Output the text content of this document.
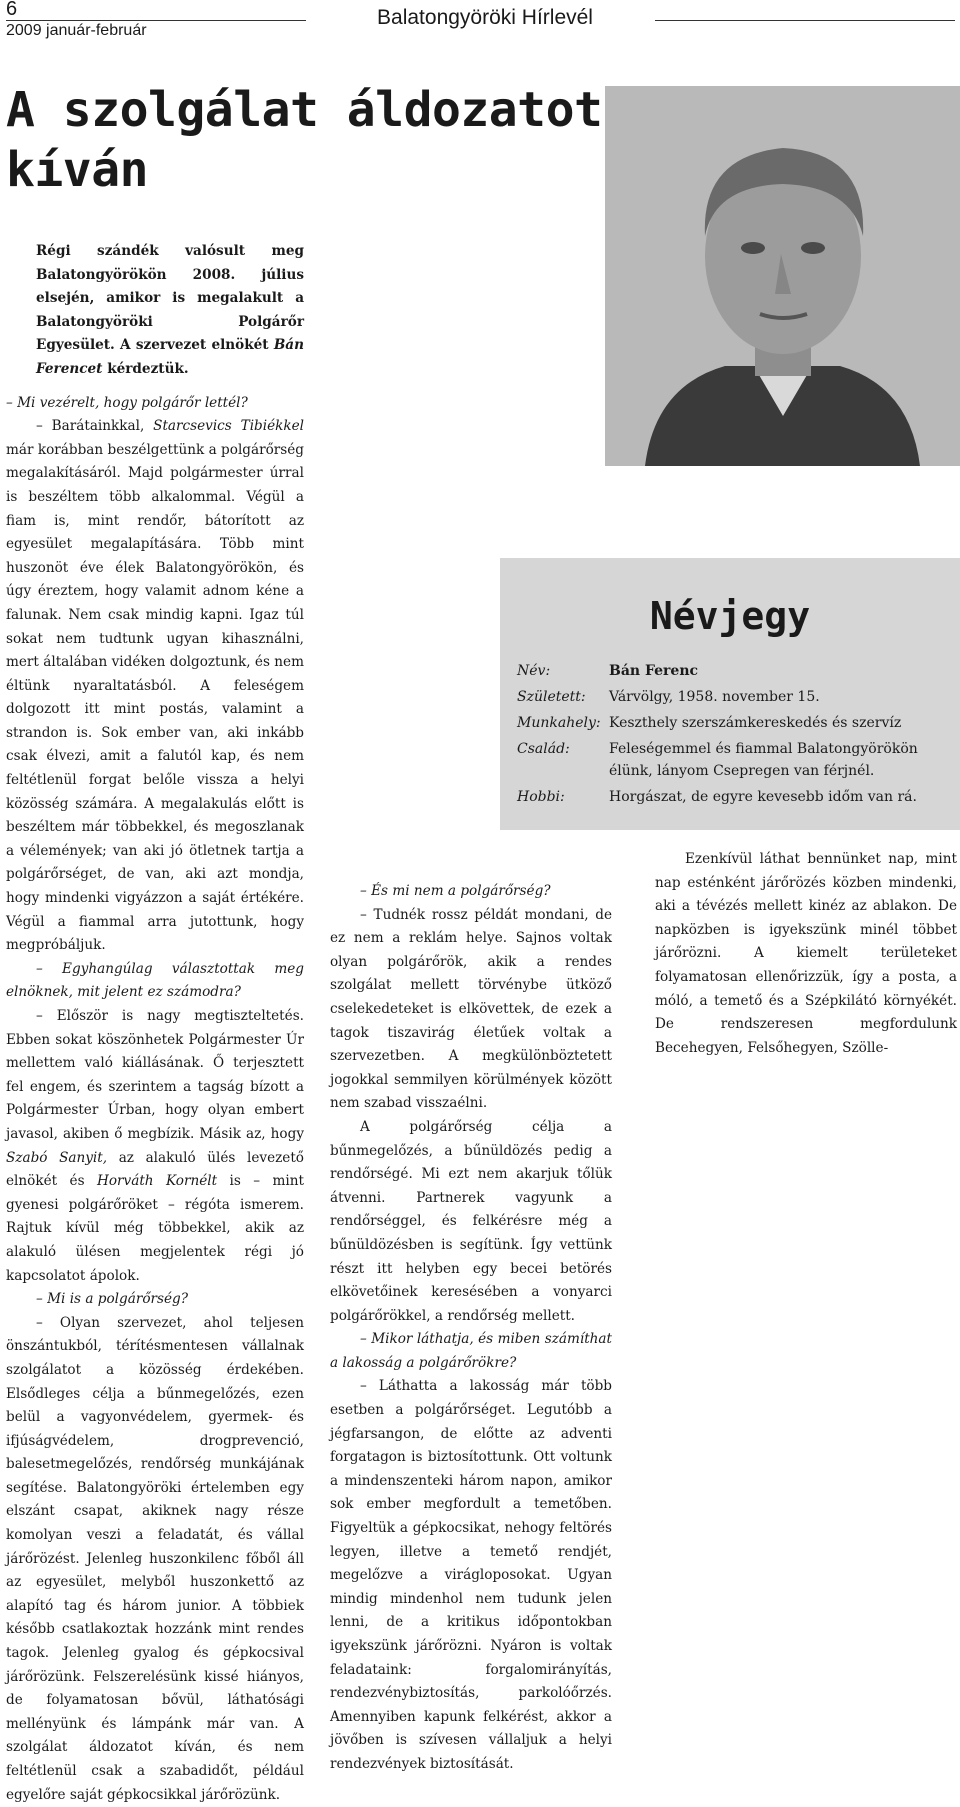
6
2009 január-február
Balatongyöröki Hírlevél
A szolgálat áldozatot kíván
Névjegy
Név:	Bán Ferenc
Született: Várvölgy, 1958. november 15.
Munkahely: Keszthely szerszámkereskedés és szervíz
Család:	Feleségemmel és fiammal Balatongyörökön élünk, lányom Csepregen van férjnél.
Hobbi:	Horgászat, de egyre kevesebb időm van rá.

Régi szándék valósult meg Balatongyörökön 2008. július elsején, amikor is megalakult a Balatongyöröki Polgárőr Egyesület. A szervezet elnökét Bán Ferencet kérdeztük.

– Mi vezérelt, hogy polgárőr lettél?

– Barátainkkal, Starcsevics Tibiékkel már korábban beszélgettünk a polgárőrség megalakításáról. Majd polgármester úrral is beszéltem több alkalommal. Végül a fiam is, mint rendőr, bátorított az egyesület megalapítására. Több mint huszonöt éve élek Balatongyörökön, és úgy éreztem, hogy valamit adnom kéne a falunak. Nem csak mindig kapni. Igaz túl sokat nem tudtunk ugyan kihasználni, mert általában vidéken dolgoztunk, és nem éltünk nyaraltatásból. A feleségem dolgozott itt mint postás, valamint a strandon is. Sok ember van, aki inkább csak élvezi, amit a falutól kap, és nem feltétlenül forgat belőle vissza a helyi közösség számára. A megalakulás előtt is beszéltem már többekkel, és megoszlanak a vélemények; van aki jó ötletnek tartja a polgárőrséget, de van, aki azt mondja, hogy mindenki vigyázzon a saját értékére. Végül a fiammal arra jutottunk, hogy megpróbáljuk.

– Egyhangúlag választottak meg elnöknek, mit jelent ez számodra?

– Először is nagy megtiszteltetés. Ebben sokat köszönhetek Polgármester Úr mellettem való kiállásának. Ő terjesztett fel engem, és szerintem a tagság bízott a Polgármester Úrban, hogy olyan embert javasol, akiben ő megbízik. Másik az, hogy Szabó Sanyit, az alakuló ülés levezető elnökét és Horváth Kornélt is – mint gyenesi polgárőröket – régóta ismerem. Rajtuk kívül még többekkel, akik az alakuló ülésen megjelentek régi jó kapcsolatot ápolok.

– Mi is a polgárőrség?

– Olyan szervezet, ahol teljesen önszántukból, térítésmentesen vállalnak szolgálatot a közösség érdekében. Elsődleges célja a bűnmegelőzés, ezen belül a vagyonvédelem, gyermek- és ifjúságvédelem, drogprevenció, balesetmegelőzés, rendőrség munkájának segítése. Balatongyöröki értelemben egy elszánt csapat, akiknek nagy része komolyan veszi a feladatát, és vállal járőrözést. Jelenleg huszonkilenc főből áll az egyesület, melyből huszonkettő az alapító tag és három junior. A többiek később csatlakoztak hozzánk mint rendes tagok. Jelenleg gyalog és gépkocsival járőrözünk. Felszerelésünk kissé hiányos, de folyamatosan bővül, láthatósági mellényünk és lámpánk már van. A szolgálat áldozatot kíván, és nem feltétlenül csak a szabadidőt, például egyelőre saját gépkocsikkal járőrözünk.

– És mi nem a polgárőrség?

– Tudnék rossz példát mondani, de ez nem a reklám helye. Sajnos voltak olyan polgárőrök, akik a rendes szolgálat mellett törvénybe ütköző cselekedeteket is elkövettek, de ezek a tagok tiszavirág életűek voltak a szervezetben. A megkülönböztetett jogokkal semmilyen körülmények között nem szabad visszaélni.

A polgárőrség célja a bűnmegelőzés, a bűnüldözés pedig a rendőrségé. Mi ezt nem akarjuk tőlük átvenni. Partnerek vagyunk a rendőrséggel, és felkérésre még a bűnüldözésben is segítünk. Így vettünk részt itt helyben egy becei betörés elkövetőinek keresésében a vonyarci polgárőrökkel, a rendőrség mellett.

– Mikor láthatja, és miben számíthat a lakosság a polgárőrökre?

– Láthatta a lakosság már több esetben a polgárőrséget. Legutóbb a jégfarsangon, de előtte az adventi forgatagon is biztosítottunk. Ott voltunk a mindenszenteki három napon, amikor sok ember megfordult a temetőben. Figyeltük a gépkocsikat, nehogy feltörés legyen, illetve a temető rendjét, megelőzve a virágloposokat. Ugyan mindig mindenhol nem tudunk jelen lenni, de a kritikus időpontokban igyekszünk járőrözni. Nyáron is voltak feladataink: forgalomirányítás, rendezvénybiztosítás, parkolóőrzés. Amennyiben kapunk felkérést, akkor a jövőben is szívesen vállaljuk a helyi rendezvények biztosítását.

Ezenkívül láthat bennünket nap, mint nap esténként járőrözés közben mindenki, aki a tévézés mellett kinéz az ablakon. De napközben is igyekszünk minél többet járőrözni. A kiemelt területeket folyamatosan ellenőrizzük, így a posta, a móló, a temető és a Szépkilátó környékét. De rendszeresen megfordulunk Becehegyen, Felsőhegyen, Szölle-
